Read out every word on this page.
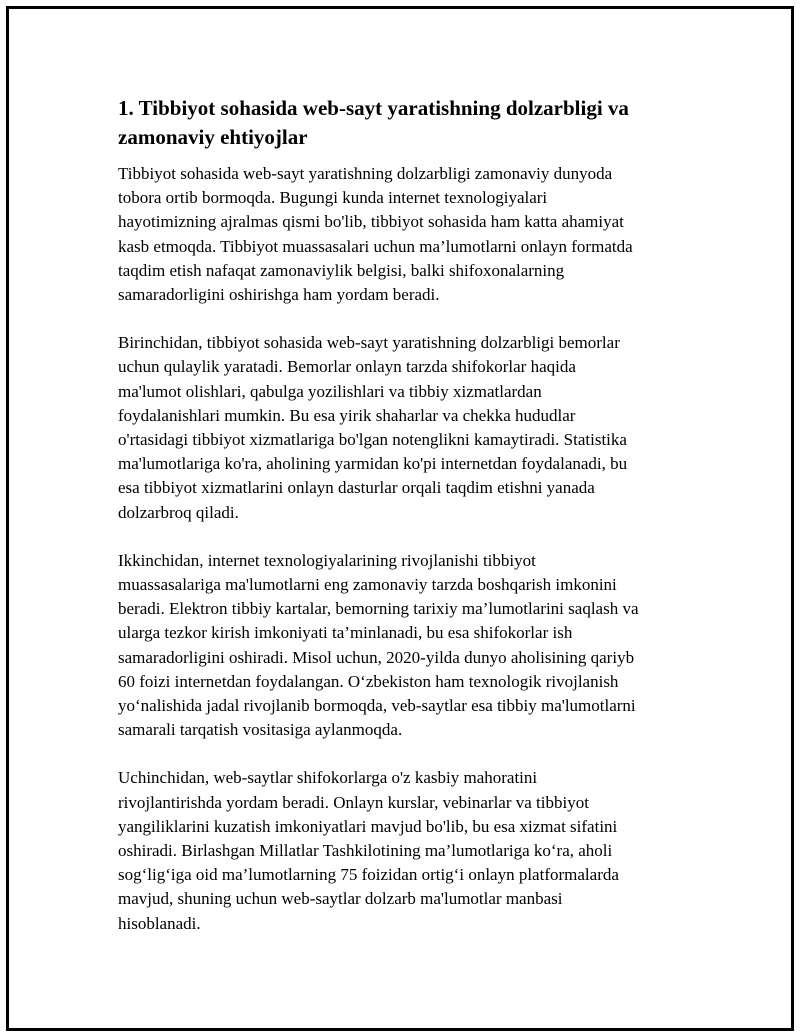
1. Tibbiyot sohasida web-sayt yaratishning dolzarbligi va
zamonaviy ehtiyojlar

Tibbiyot sohasida web-sayt yaratishning dolzarbligi zamonaviy dunyoda
tobora ortib bormoqda. Bugungi kunda internet texnologiyalari
hayotimizning ajralmas qismi bo'lib, tibbiyot sohasida ham katta ahamiyat
kasb etmoqda. Tibbiyot muassasalari uchun ma’lumotlarni onlayn formatda
taqdim etish nafaqat zamonaviylik belgisi, balki shifoxonalarning
samaradorligini oshirishga ham yordam beradi.

Birinchidan, tibbiyot sohasida web-sayt yaratishning dolzarbligi bemorlar
uchun qulaylik yaratadi. Bemorlar onlayn tarzda shifokorlar haqida
ma'lumot olishlari, qabulga yozilishlari va tibbiy xizmatlardan
foydalanishlari mumkin. Bu esa yirik shaharlar va chekka hududlar
o'rtasidagi tibbiyot xizmatlariga bo'lgan notenglikni kamaytiradi. Statistika
ma'lumotlariga ko'ra, aholining yarmidan ko'pi internetdan foydalanadi, bu
esa tibbiyot xizmatlarini onlayn dasturlar orqali taqdim etishni yanada
dolzarbroq qiladi.

Ikkinchidan, internet texnologiyalarining rivojlanishi tibbiyot
muassasalariga ma'lumotlarni eng zamonaviy tarzda boshqarish imkonini
beradi. Elektron tibbiy kartalar, bemorning tarixiy ma’lumotlarini saqlash va
ularga tezkor kirish imkoniyati ta’minlanadi, bu esa shifokorlar ish
samaradorligini oshiradi. Misol uchun, 2020-yilda dunyo aholisining qariyb
60 foizi internetdan foydalangan. O‘zbekiston ham texnologik rivojlanish
yo‘nalishida jadal rivojlanib bormoqda, veb-saytlar esa tibbiy ma'lumotlarni
samarali tarqatish vositasiga aylanmoqda.

Uchinchidan, web-saytlar shifokorlarga o'z kasbiy mahoratini
rivojlantirishda yordam beradi. Onlayn kurslar, vebinarlar va tibbiyot
yangiliklarini kuzatish imkoniyatlari mavjud bo'lib, bu esa xizmat sifatini
oshiradi. Birlashgan Millatlar Tashkilotining ma’lumotlariga ko‘ra, aholi
sog‘lig‘iga oid ma’lumotlarning 75 foizidan ortig‘i onlayn platformalarda
mavjud, shuning uchun web-saytlar dolzarb ma'lumotlar manbasi
hisoblanadi.
